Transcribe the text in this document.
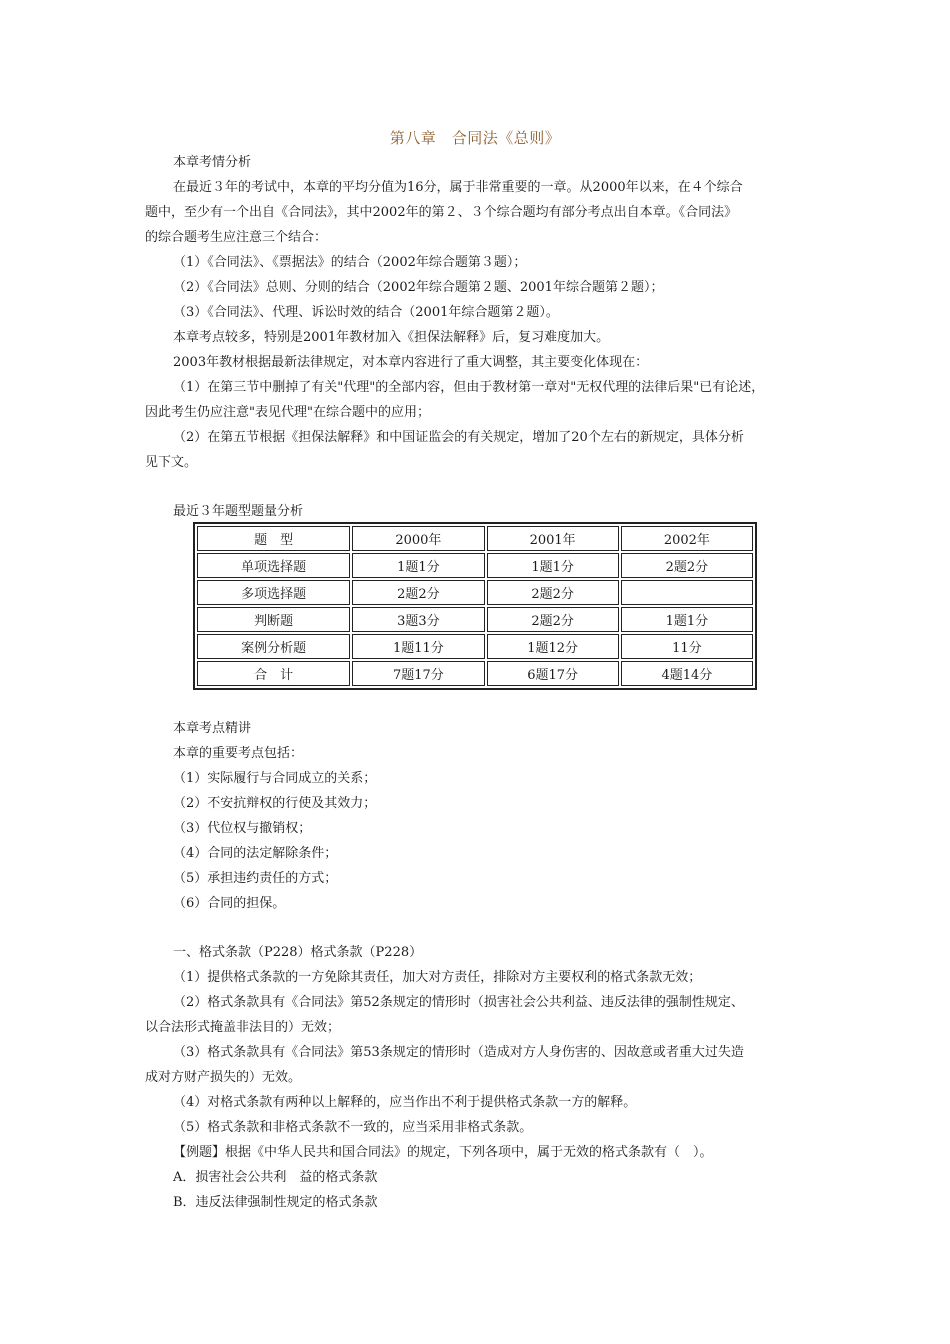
第八章　合同法《总则》
本章考情分析
在最近３年的考试中，本章的平均分值为16分，属于非常重要的一章。从2000年以来，在４个综合
题中，至少有一个出自《合同法》，其中2002年的第２、３个综合题均有部分考点出自本章。《合同法》
的综合题考生应注意三个结合：
（1）《合同法》、《票据法》的结合（2002年综合题第３题）；
（2）《合同法》总则、分则的结合（2002年综合题第２题、2001年综合题第２题）；
（3）《合同法》、代理、诉讼时效的结合（2001年综合题第２题）。
本章考点较多，特别是2001年教材加入《担保法解释》后，复习难度加大。
2003年教材根据最新法律规定，对本章内容进行了重大调整，其主要变化体现在：
（1）在第三节中删掉了有关"代理"的全部内容，但由于教材第一章对"无权代理的法律后果"已有论述，
因此考生仍应注意"表见代理"在综合题中的应用；
（2）在第五节根据《担保法解释》和中国证监会的有关规定，增加了20个左右的新规定，具体分析
见下文。
最近３年题型题量分析
题　型	2000年	2001年	2002年
单项选择题	1题1分	1题1分	2题2分
多项选择题	2题2分	2题2分	
判断题	3题3分	2题2分	1题1分
案例分析题	1题11分	1题12分	11分
合　计	7题17分	6题17分	4题14分
本章考点精讲
本章的重要考点包括：
（1）实际履行与合同成立的关系；
（2）不安抗辩权的行使及其效力；
（3）代位权与撤销权；
（4）合同的法定解除条件；
（5）承担违约责任的方式；
（6）合同的担保。
一、格式条款（P228）格式条款（P228）
（1）提供格式条款的一方免除其责任，加大对方责任，排除对方主要权利的格式条款无效；
（2）格式条款具有《合同法》第52条规定的情形时（损害社会公共利益、违反法律的强制性规定、
以合法形式掩盖非法目的）无效；
（3）格式条款具有《合同法》第53条规定的情形时（造成对方人身伤害的、因故意或者重大过失造
成对方财产损失的）无效。
（4）对格式条款有两种以上解释的，应当作出不利于提供格式条款一方的解释。
（5）格式条款和非格式条款不一致的，应当采用非格式条款。
【例题】根据《中华人民共和国合同法》的规定，下列各项中，属于无效的格式条款有（　）。
A．损害社会公共利　益的格式条款
B．违反法律强制性规定的格式条款
